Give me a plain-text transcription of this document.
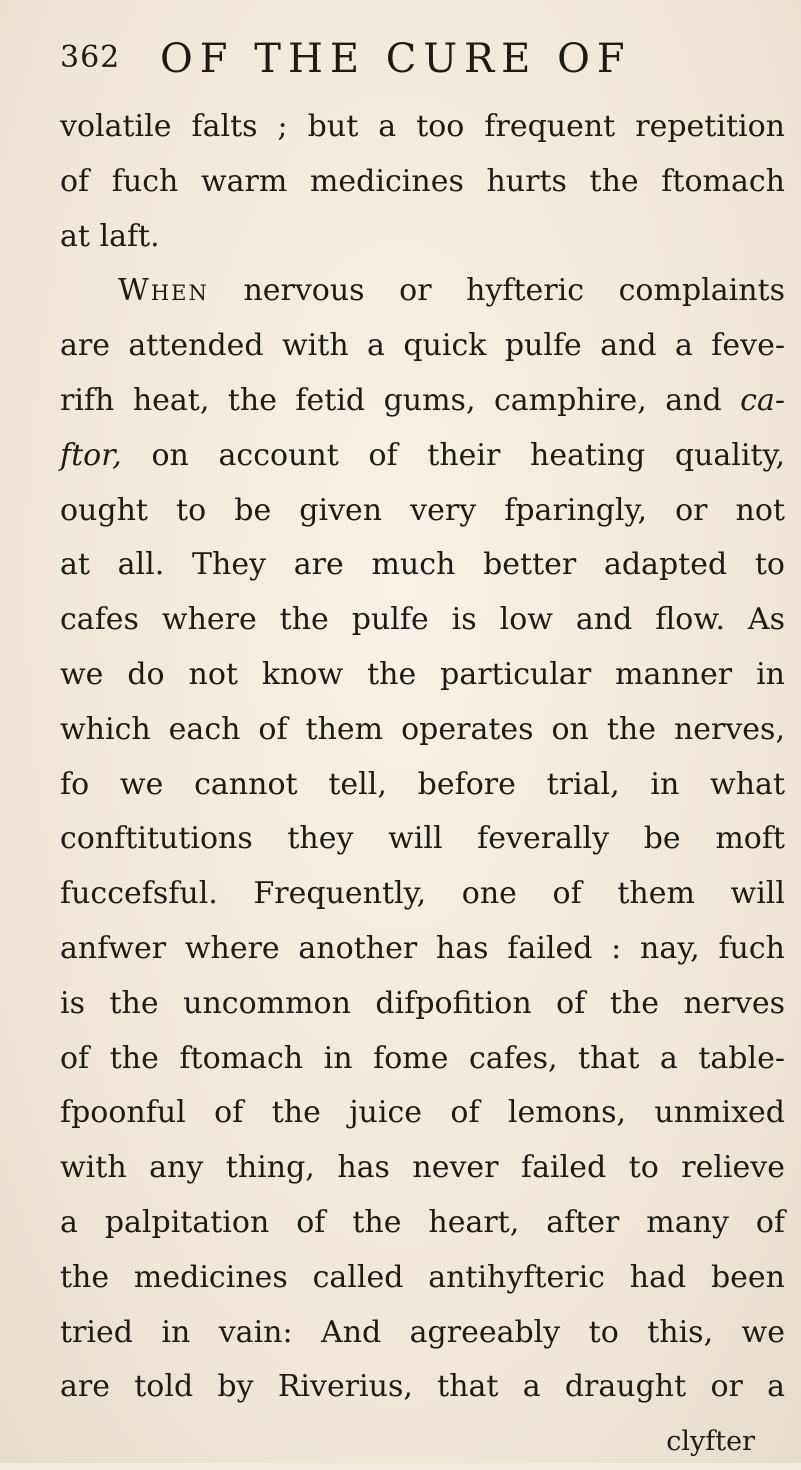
362 OF THE CURE OF
volatile falts ; but a too frequent repetition
of fuch warm medicines hurts the ftomach
at laft.
When nervous or hyfteric complaints
are attended with a quick pulfe and a feve-
rifh heat, the fetid gums, camphire, and ca-
ftor, on account of their heating quality,
ought to be given very fparingly, or not
at all. They are much better adapted to
cafes where the pulfe is low and flow. As
we do not know the particular manner in
which each of them operates on the nerves,
fo we cannot tell, before trial, in what
conftitutions they will feverally be moft
fuccefsful. Frequently, one of them will
anfwer where another has failed : nay, fuch
is the uncommon difpofition of the nerves
of the ftomach in fome cafes, that a table-
fpoonful of the juice of lemons, unmixed
with any thing, has never failed to relieve
a palpitation of the heart, after many of
the medicines called antihyfteric had been
tried in vain: And agreeably to this, we
are told by Riverius, that a draught or a
clyfter
